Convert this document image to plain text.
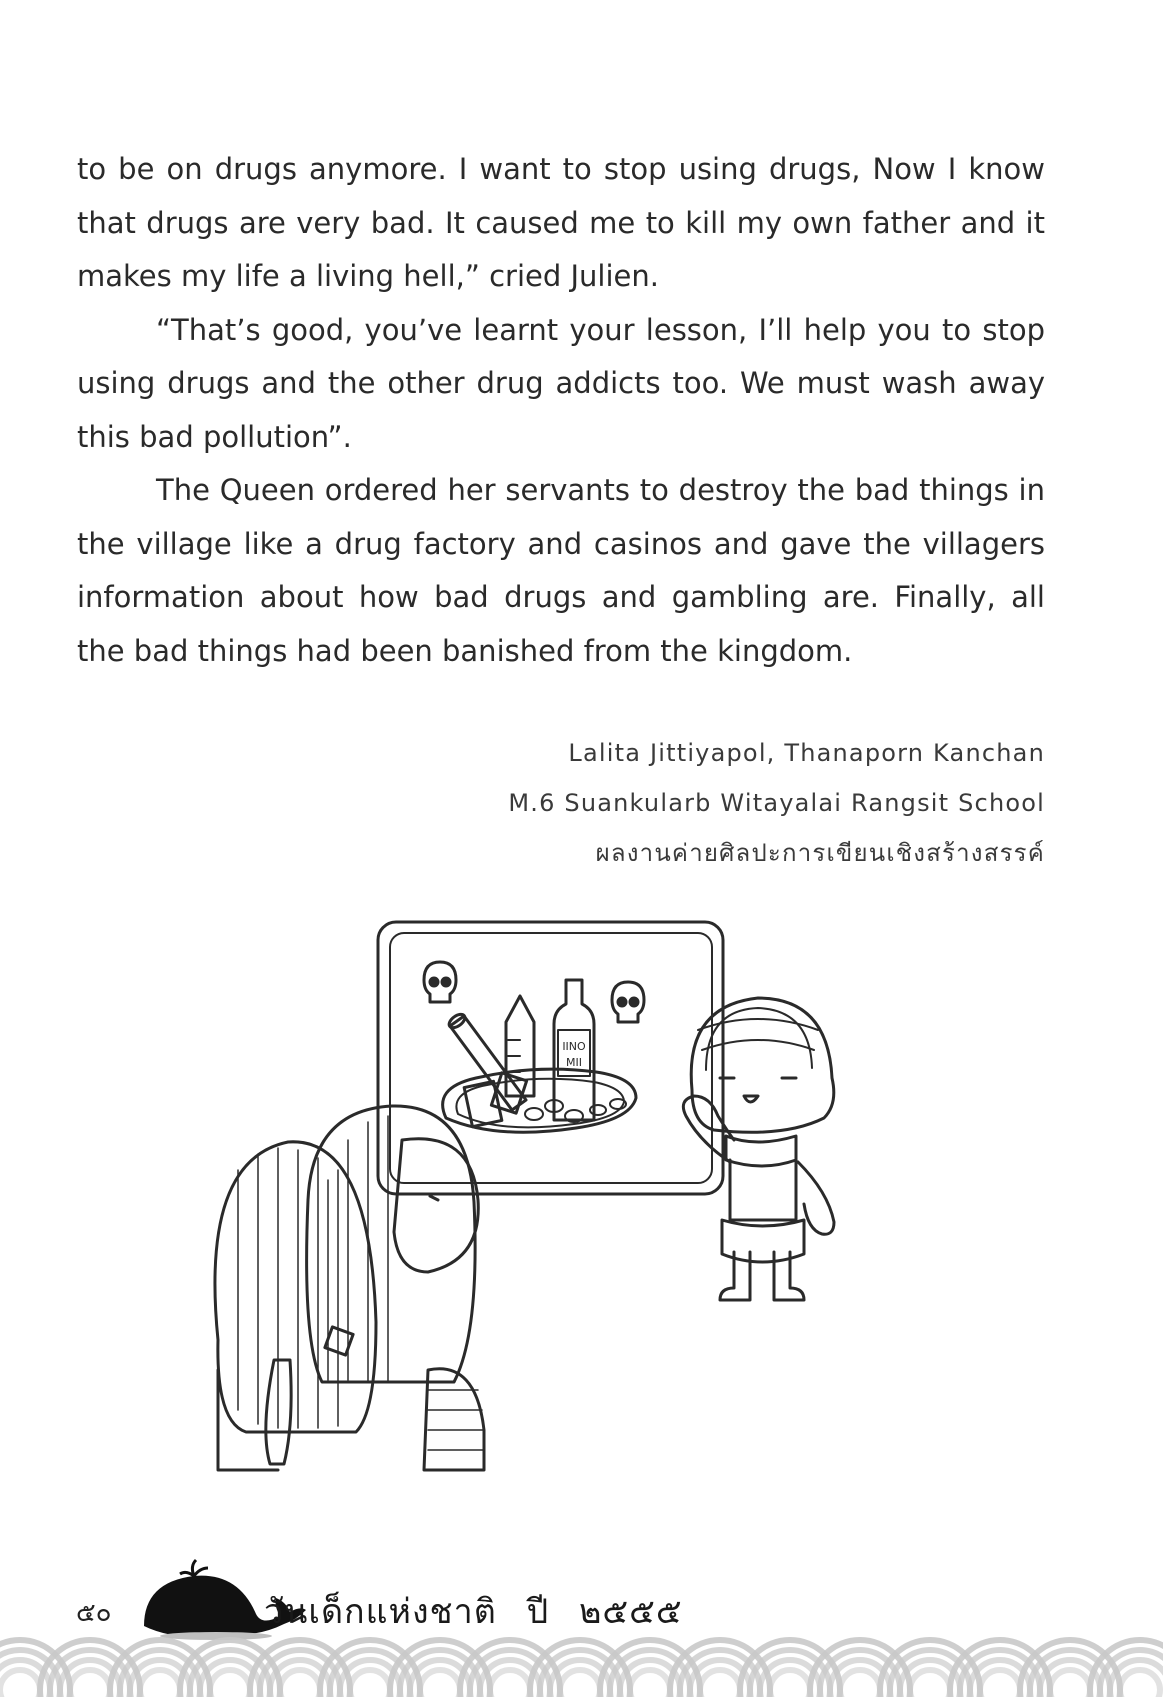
to be on drugs anymore. I want to stop using drugs, Now I know that drugs are very bad. It caused me to kill my own father and it makes my life a living hell,” cried Julien.

“That’s good, you’ve learnt your lesson, I’ll help you to stop using drugs and the other drug addicts too. We must wash away this bad pollution”.

The Queen ordered her servants to destroy the bad things in the village like a drug factory and casinos and gave the villagers information about how bad drugs and gambling are. Finally, all the bad things had been banished from the kingdom.

Lalita Jittiyapol, Thanaporn Kanchan
M.6 Suankularb Witayalai Rangsit School
ผลงานค่ายศิลปะการเขียนเชิงสร้างสรรค์
IINO
MII
๕๐	วันเด็กแห่งชาติ ปี ๒๕๕๕
